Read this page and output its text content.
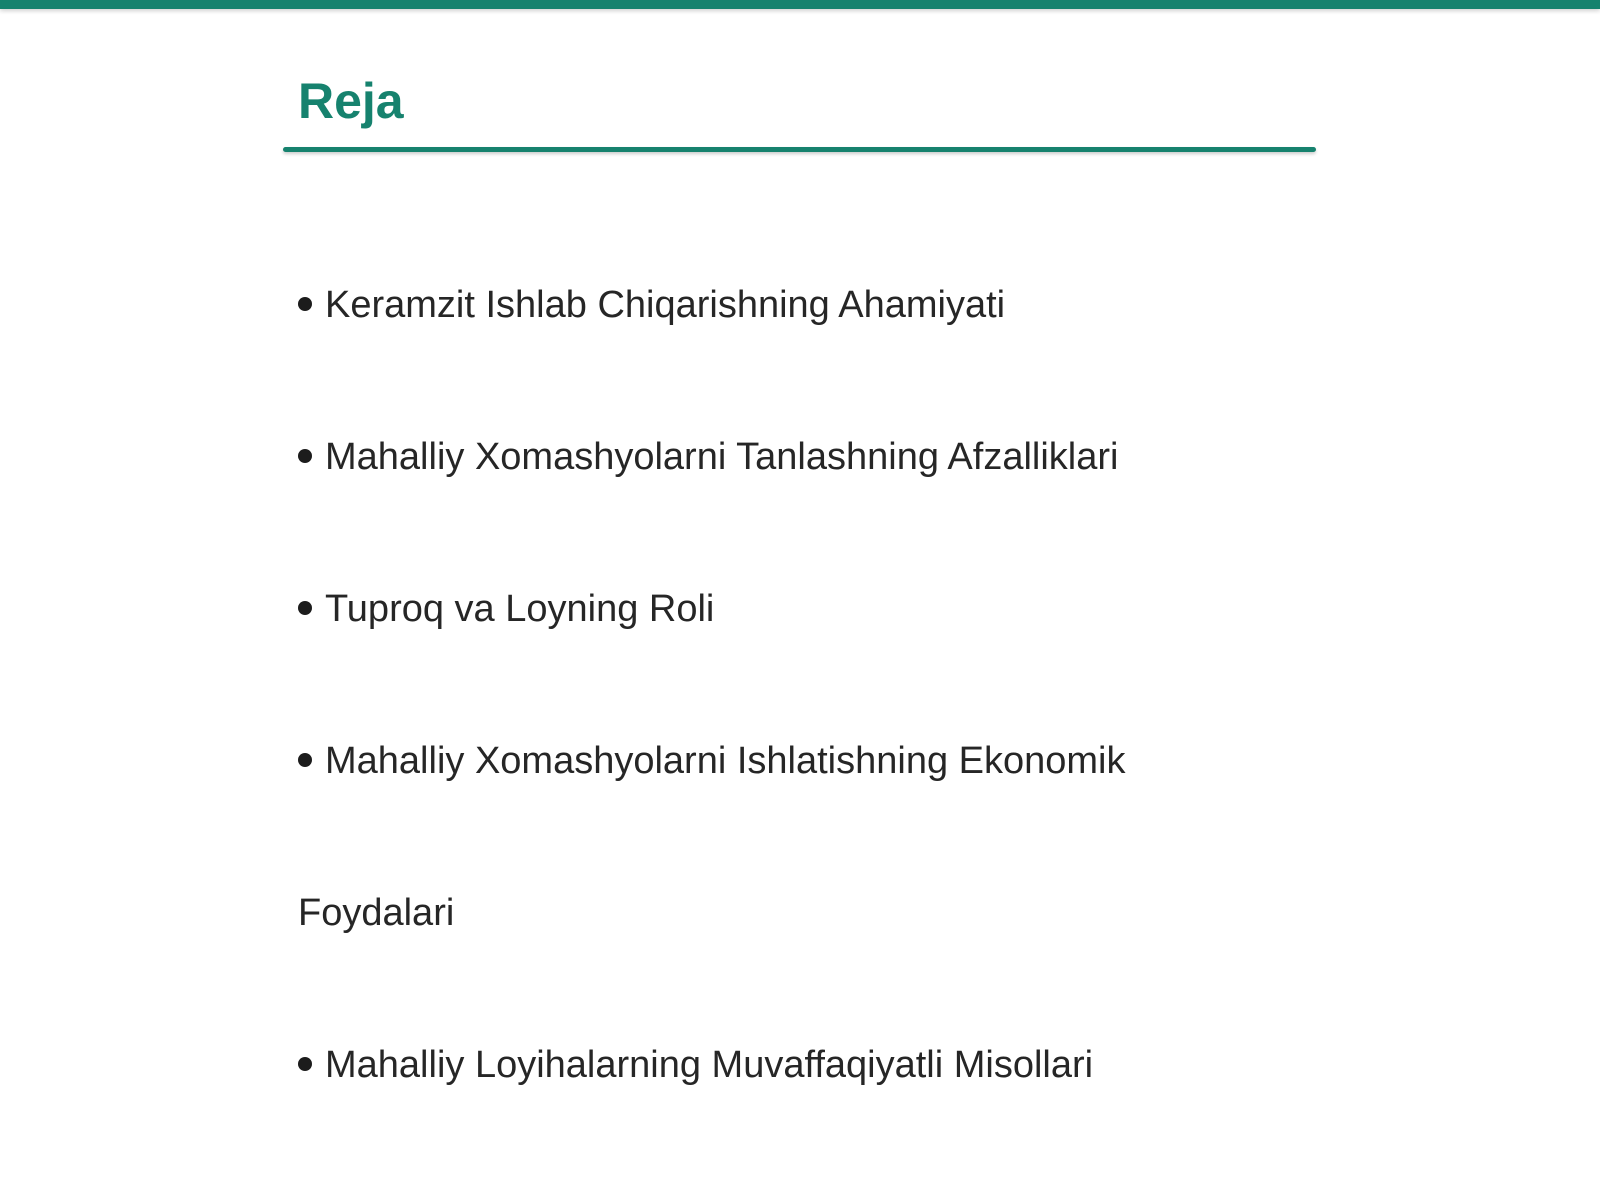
Reja
Keramzit Ishlab Chiqarishning Ahamiyati
Mahalliy Xomashyolarni Tanlashning Afzalliklari
Tuproq va Loyning Roli
Mahalliy Xomashyolarni Ishlatishning Ekonomik
Foydalari
Mahalliy Loyihalarning Muvaffaqiyatli Misollari
